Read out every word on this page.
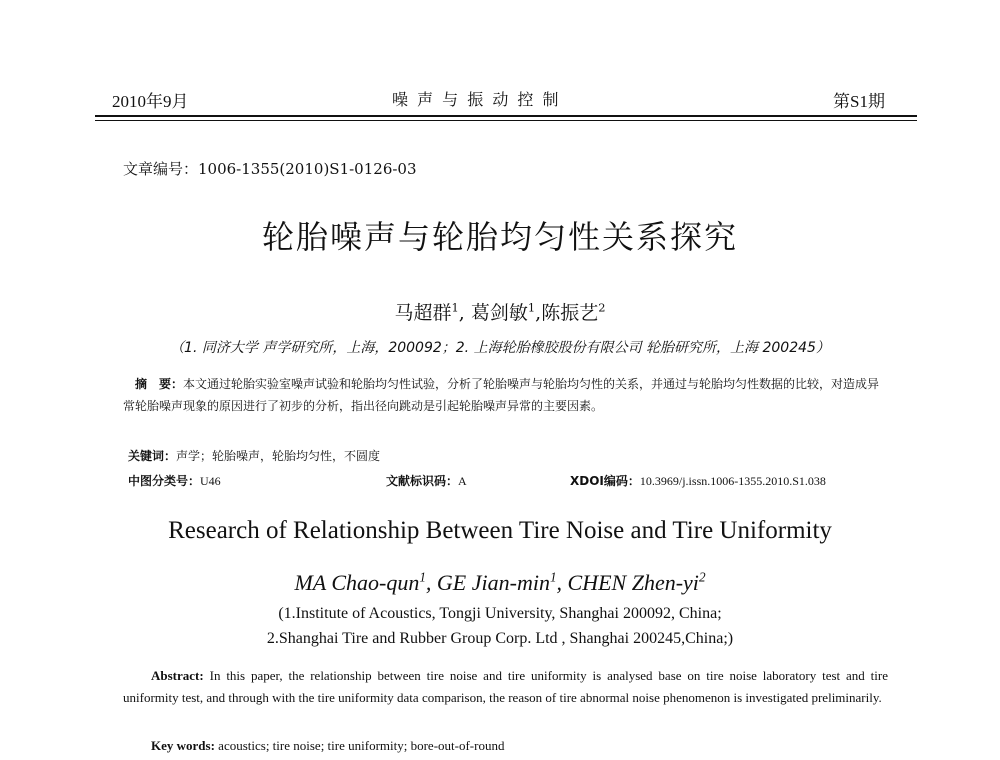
2010年9月	噪 声 与 振 动 控 制	第S1期
文章编号：1006-1355(2010)S1-0126-03
轮胎噪声与轮胎均匀性关系探究
马超群$^1$, 葛剑敏$^1$,陈振艺$^2$
（1. 同济大学 声学研究所，上海，200092；2. 上海轮胎橡胶股份有限公司 轮胎研究所，上海 200245）
摘　要：本文通过轮胎实验室噪声试验和轮胎均匀性试验，分析了轮胎噪声与轮胎均匀性的关系，并通过与轮胎均匀性数据的比较，对造成异常轮胎噪声现象的原因进行了初步的分析，指出径向跳动是引起轮胎噪声异常的主要因素。
关键词：声学；轮胎噪声，轮胎均匀性，不圆度
中图分类号：U46	文献标识码：A	XDOI编码：10.3969/j.issn.1006-1355.2010.S1.038
Research of Relationship Between Tire Noise and Tire Uniformity
MA Chao-qun$^1$, GE Jian-$\min^1$, CHEN Zhen-$yi^2$
(1.Institute of Acoustics, Tongji University, Shanghai 200092, China;
2.Shanghai Tire and Rubber Group Corp. Ltd , Shanghai 200245,China;)
Abstract: In this paper, the relationship between tire noise and tire uniformity is analysed base on tire noise laboratory test and tire uniformity test, and through with the tire uniformity data comparison, the reason of tire abnormal noise phenomenon is investigated preliminarily.
Key words: acoustics; tire noise; tire uniformity; bore-out-of-round
